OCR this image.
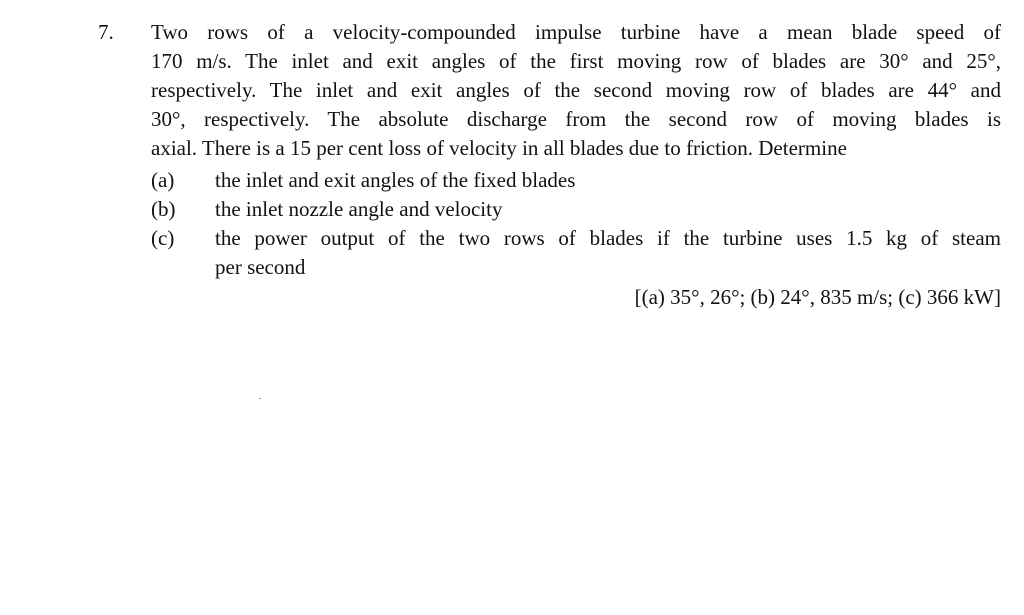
7. Two rows of a velocity-compounded impulse turbine have a mean blade speed of
170 m/s. The inlet and exit angles of the first moving row of blades are 30° and 25°,
respectively. The inlet and exit angles of the second moving row of blades are 44° and
30°, respectively. The absolute discharge from the second row of moving blades is
axial. There is a 15 per cent loss of velocity in all blades due to friction. Determine
(a)	the inlet and exit angles of the fixed blades
(b)	the inlet nozzle angle and velocity
(c)	the power output of the two rows of blades if the turbine uses 1.5 kg of steam
per second
[(a) 35°, 26°; (b) 24°, 835 m/s; (c) 366 kW]
